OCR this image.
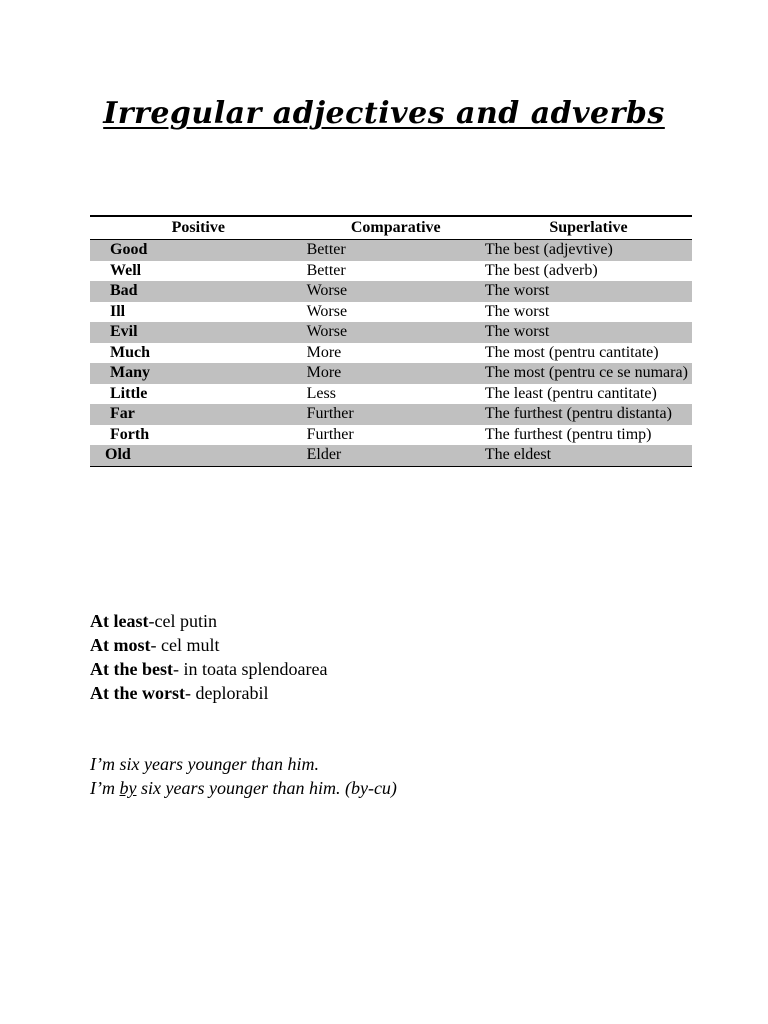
Irregular adjectives and adverbs
Positive	Comparative	Superlative
Good	Better	The best (adjevtive)
Well	Better	The best (adverb)
Bad	Worse	The worst
Ill	Worse	The worst
Evil	Worse	The worst
Much	More	The most (pentru cantitate)
Many	More	The most (pentru ce se numara)
Little	Less	The least (pentru cantitate)
Far	Further	The furthest (pentru distanta)
Forth	Further	The furthest (pentru timp)
Old	Elder	The eldest
At least-cel putin
At most- cel mult
At the best- in toata splendoarea
At the worst- deplorabil
I’m six years younger than him.
I’m by six years younger than him. (by-cu)
